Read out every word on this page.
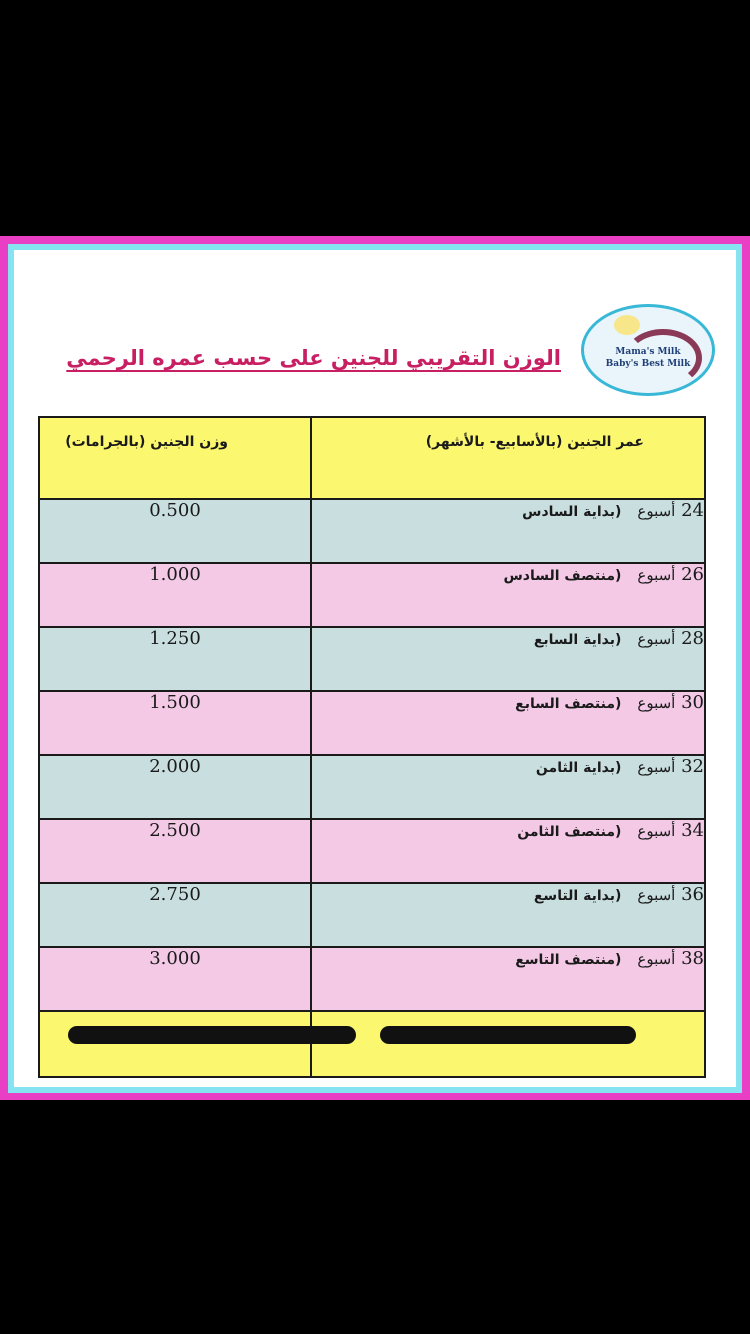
Mama's Milk
Baby's Best Milk
الوزن التقريبي للجنين على حسب عمره الرحمي
عمر الجنين (بالأسابيع- بالأشهر)	وزن الجنين (بالجرامات)
24 أسبوع(بداية السادس	0.500
26 أسبوع(منتصف السادس	1.000
28 أسبوع(بداية السابع	1.250
30 أسبوع(منتصف السابع	1.500
32 أسبوع(بداية الثامن	2.000
34 أسبوع(منتصف الثامن	2.500
36 أسبوع(بداية التاسع	2.750
38 أسبوع(منتصف التاسع	3.000
